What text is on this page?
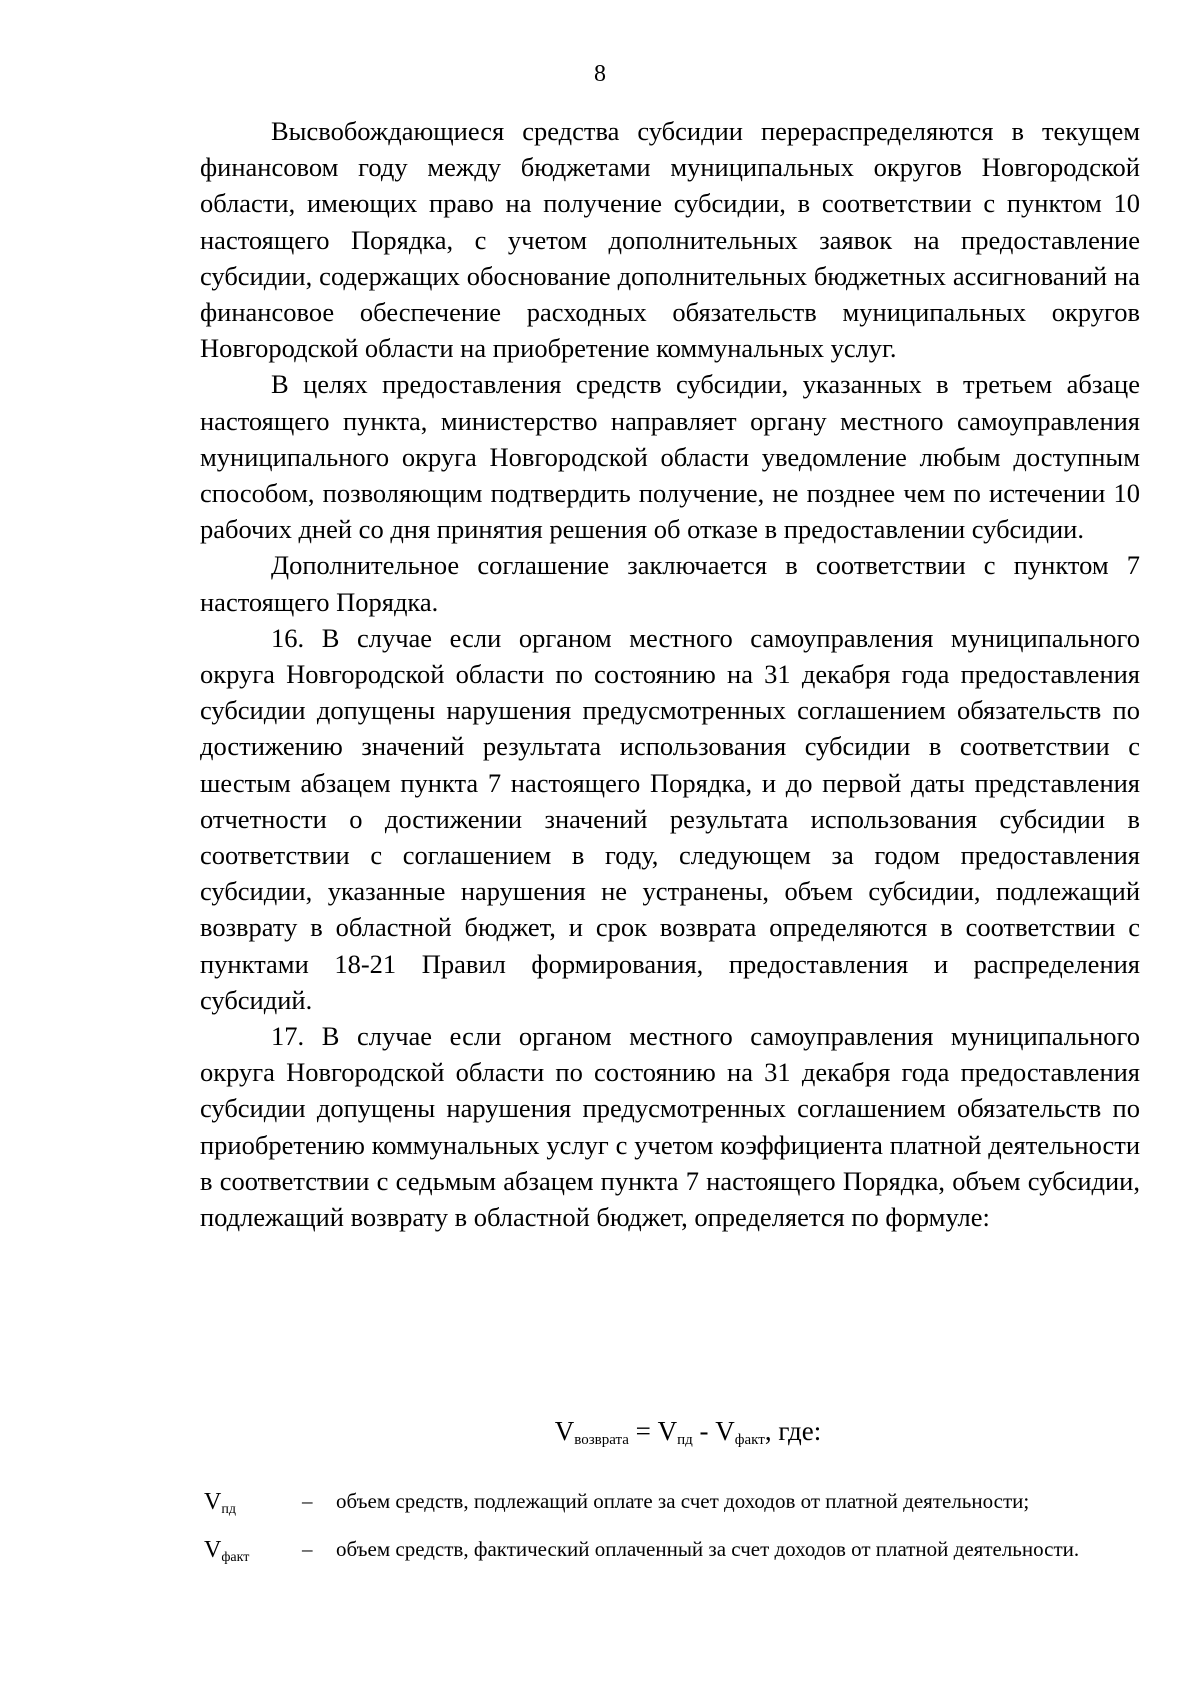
8

Высвобождающиеся средства субсидии перераспределяются в текущем финансовом году между бюджетами муниципальных округов Новгородской области, имеющих право на получение субсидии, в соответствии с пунктом 10 настоящего Порядка, с учетом дополнительных заявок на предоставление субсидии, содержащих обоснование дополнительных бюджетных ассигнований на финансовое обеспечение расходных обязательств муниципальных округов Новгородской области на приобретение коммунальных услуг.

В целях предоставления средств субсидии, указанных в третьем абзаце настоящего пункта, министерство направляет органу местного самоуправления муниципального округа Новгородской области уведомление любым доступным способом, позволяющим подтвердить получение, не позднее чем по истечении 10 рабочих дней со дня принятия решения об отказе в предоставлении субсидии.

Дополнительное соглашение заключается в соответствии с пунктом 7 настоящего Порядка.

16. В случае если органом местного самоуправления муниципального округа Новгородской области по состоянию на 31 декабря года предоставления субсидии допущены нарушения предусмотренных соглашением обязательств по достижению значений результата использования субсидии в соответствии с шестым абзацем пункта 7 настоящего Порядка, и до первой даты представления отчетности о достижении значений результата использования субсидии в соответствии с соглашением в году, следующем за годом предоставления субсидии, указанные нарушения не устранены, объем субсидии, подлежащий возврату в областной бюджет, и срок возврата определяются в соответствии с пунктами 18-21 Правил формирования, предоставления и распределения субсидий.

17. В случае если органом местного самоуправления муниципального округа Новгородской области по состоянию на 31 декабря года предоставления субсидии допущены нарушения предусмотренных соглашением обязательств по приобретению коммунальных услуг с учетом коэффициента платной деятельности в соответствии с седьмым абзацем пункта 7 настоящего Порядка, объем субсидии, подлежащий возврату в областной бюджет, определяется по формуле:

$V_{возврата} = V_{пд} - V_{факт}$, где:
$V_{пд}$	–	объем средств, подлежащий оплате за счет доходов от платной деятельности;
$V_{факт}$	–	объем средств, фактический оплаченный за счет доходов от платной деятельности.
